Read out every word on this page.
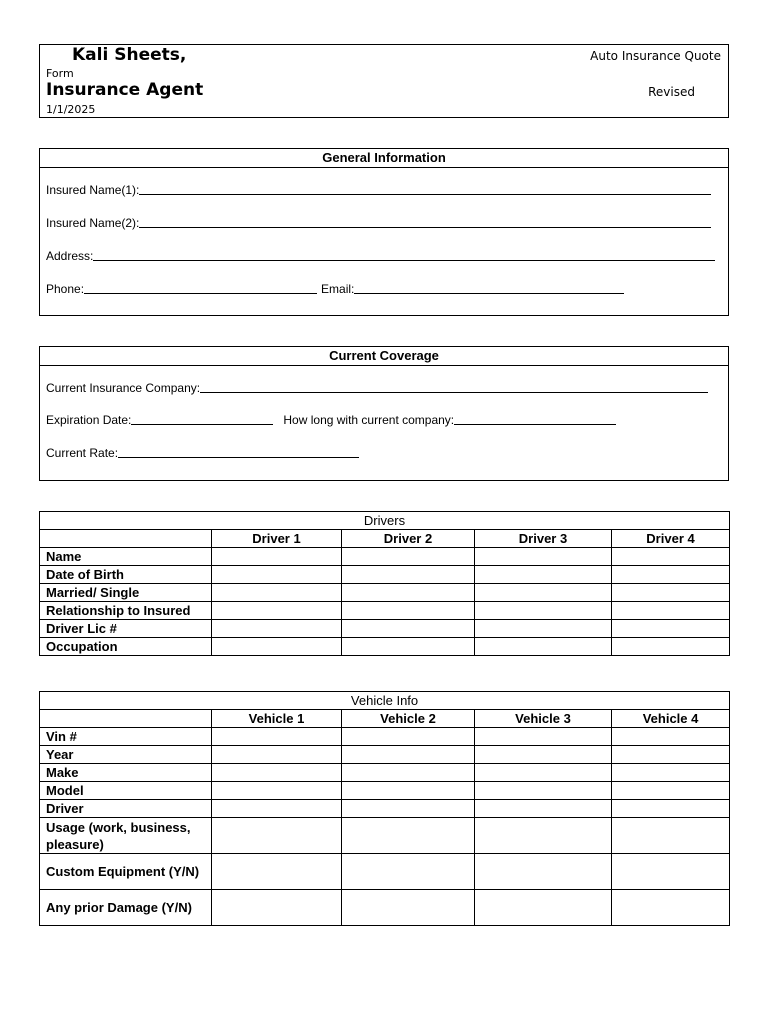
Kali Sheets,
Form
Insurance Agent
1/1/2025
Auto Insurance Quote
Revised
General Information
Insured Name(1):
Insured Name(2):
Address:
Phone:	Email:
Current Coverage
Current Insurance Company:
Expiration Date:	How long with current company:
Current Rate:
Drivers				
	Driver 1	Driver 2	Driver 3	Driver 4
Name				
Date of Birth				
Married/ Single				
Relationship to Insured				
Driver Lic #				
Occupation				
Vehicle Info				
	Vehicle 1	Vehicle 2	Vehicle 3	Vehicle 4
Vin #				
Year				
Make				
Model				
Driver				
Usage (work, business, pleasure)				
Custom Equipment (Y/N)				
Any prior Damage (Y/N)				
